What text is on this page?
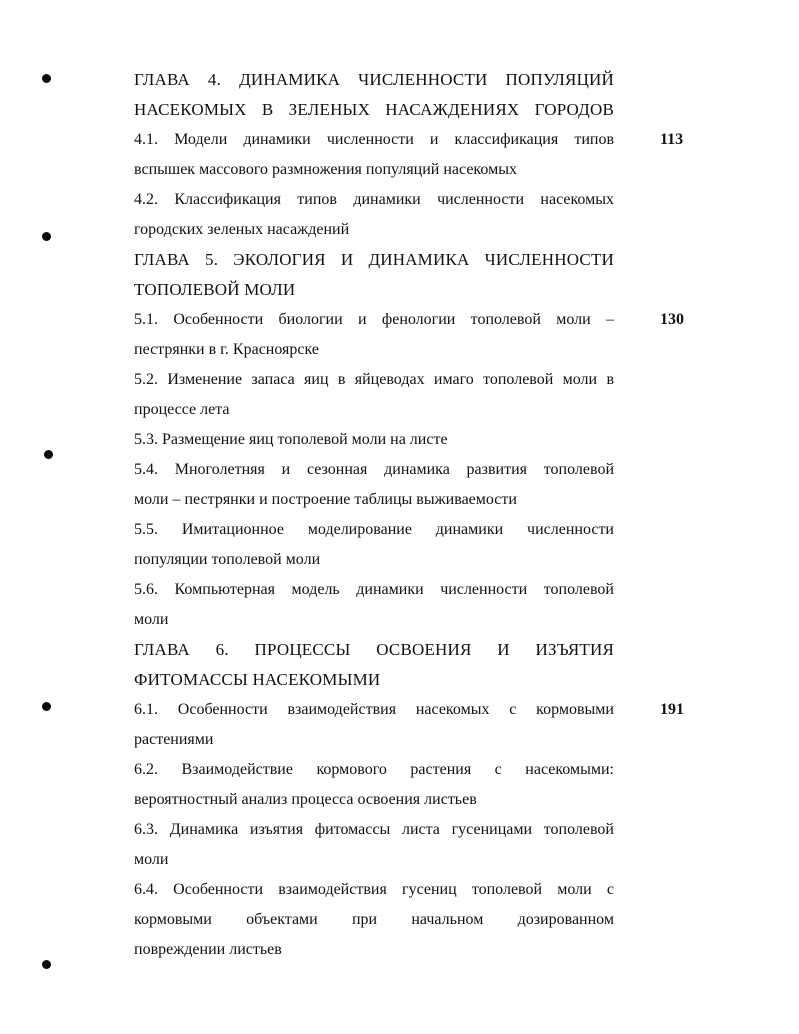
ГЛАВА 4. ДИНАМИКА ЧИСЛЕННОСТИ ПОПУЛЯЦИЙ
НАСЕКОМЫХ В ЗЕЛЕНЫХ НАСАЖДЕНИЯХ ГОРОДОВ
4.1. Модели динамики численности и классификация типов
вспышек массового размножения популяций насекомых
113
4.2. Классификация типов динамики численности насекомых
городских зеленых насаждений
ГЛАВА 5. ЭКОЛОГИЯ И ДИНАМИКА ЧИСЛЕННОСТИ
ТОПОЛЕВОЙ МОЛИ
5.1. Особенности биологии и фенологии тополевой моли –
пестрянки в г. Красноярске
130
5.2. Изменение запаса яиц в яйцеводах имаго тополевой моли в
процессе лета
5.3. Размещение яиц тополевой моли на листе
5.4. Многолетняя и сезонная динамика развития тополевой
моли – пестрянки и построение таблицы выживаемости
5.5. Имитационное моделирование динамики численности
популяции тополевой моли
5.6. Компьютерная модель динамики численности тополевой
моли
ГЛАВА 6. ПРОЦЕССЫ ОСВОЕНИЯ И ИЗЪЯТИЯ
ФИТОМАССЫ НАСЕКОМЫМИ
6.1. Особенности взаимодействия насекомых с кормовыми
растениями
191
6.2. Взаимодействие кормового растения с насекомыми:
вероятностный анализ процесса освоения листьев
6.3. Динамика изъятия фитомассы листа гусеницами тополевой
моли
6.4. Особенности взаимодействия гусениц тополевой моли с
кормовыми объектами при начальном дозированном
повреждении листьев
